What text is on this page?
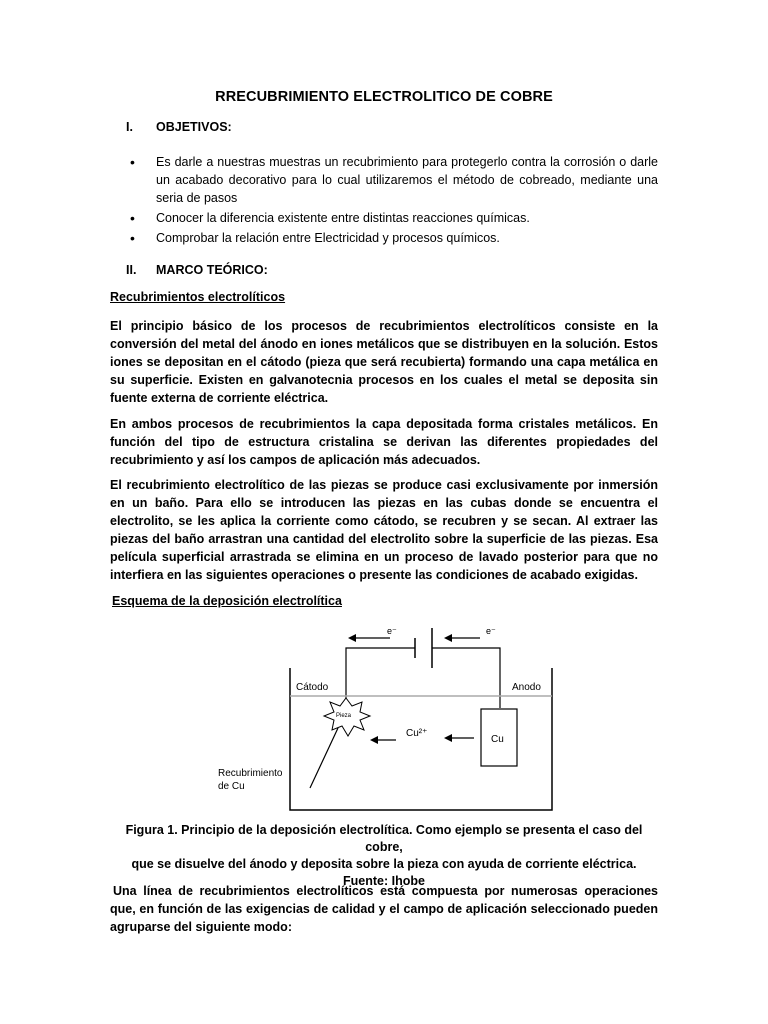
RRECUBRIMIENTO ELECTROLITICO DE COBRE
I. OBJETIVOS:
• Es darle a nuestras muestras un recubrimiento para protegerlo contra la corrosión o darle un acabado decorativo para lo cual utilizaremos el método de cobreado, mediante una seria de pasos
• Conocer la diferencia existente entre distintas reacciones químicas.
• Comprobar la relación entre Electricidad y procesos químicos.
II. MARCO TEÓRICO:
Recubrimientos electrolíticos

El principio básico de los procesos de recubrimientos electrolíticos consiste en la conversión del metal del ánodo en iones metálicos que se distribuyen en la solución. Estos iones se depositan en el cátodo (pieza que será recubierta) formando una capa metálica en su superficie. Existen en galvanotecnia procesos en los cuales el metal se deposita sin fuente externa de corriente eléctrica.

En ambos procesos de recubrimientos la capa depositada forma cristales metálicos. En función del tipo de estructura cristalina se derivan las diferentes propiedades del recubrimiento y así los campos de aplicación más adecuados.

El recubrimiento electrolítico de las piezas se produce casi exclusivamente por inmersión en un baño. Para ello se introducen las piezas en las cubas donde se encuentra el electrolito, se les aplica la corriente como cátodo, se recubren y se secan. Al extraer las piezas del baño arrastran una cantidad del electrolito sobre la superficie de las piezas. Esa película superficial arrastrada se elimina en un proceso de lavado posterior para que no interfiera en las siguientes operaciones o presente las condiciones de acabado exigidas.

Esquema de la deposición electrolítica
e⁻	e⁻
Cátodo	Anodo
Pieza
Cu
Cu²⁺
Recubrimiento
de Cu
Figura 1. Principio de la deposición electrolítica. Como ejemplo se presenta el caso del cobre,
que se disuelve del ánodo y deposita sobre la pieza con ayuda de corriente eléctrica.
Fuente: Ihobe

Una línea de recubrimientos electrolíticos está compuesta por numerosas operaciones que, en función de las exigencias de calidad y el campo de aplicación seleccionado pueden agruparse del siguiente modo:
